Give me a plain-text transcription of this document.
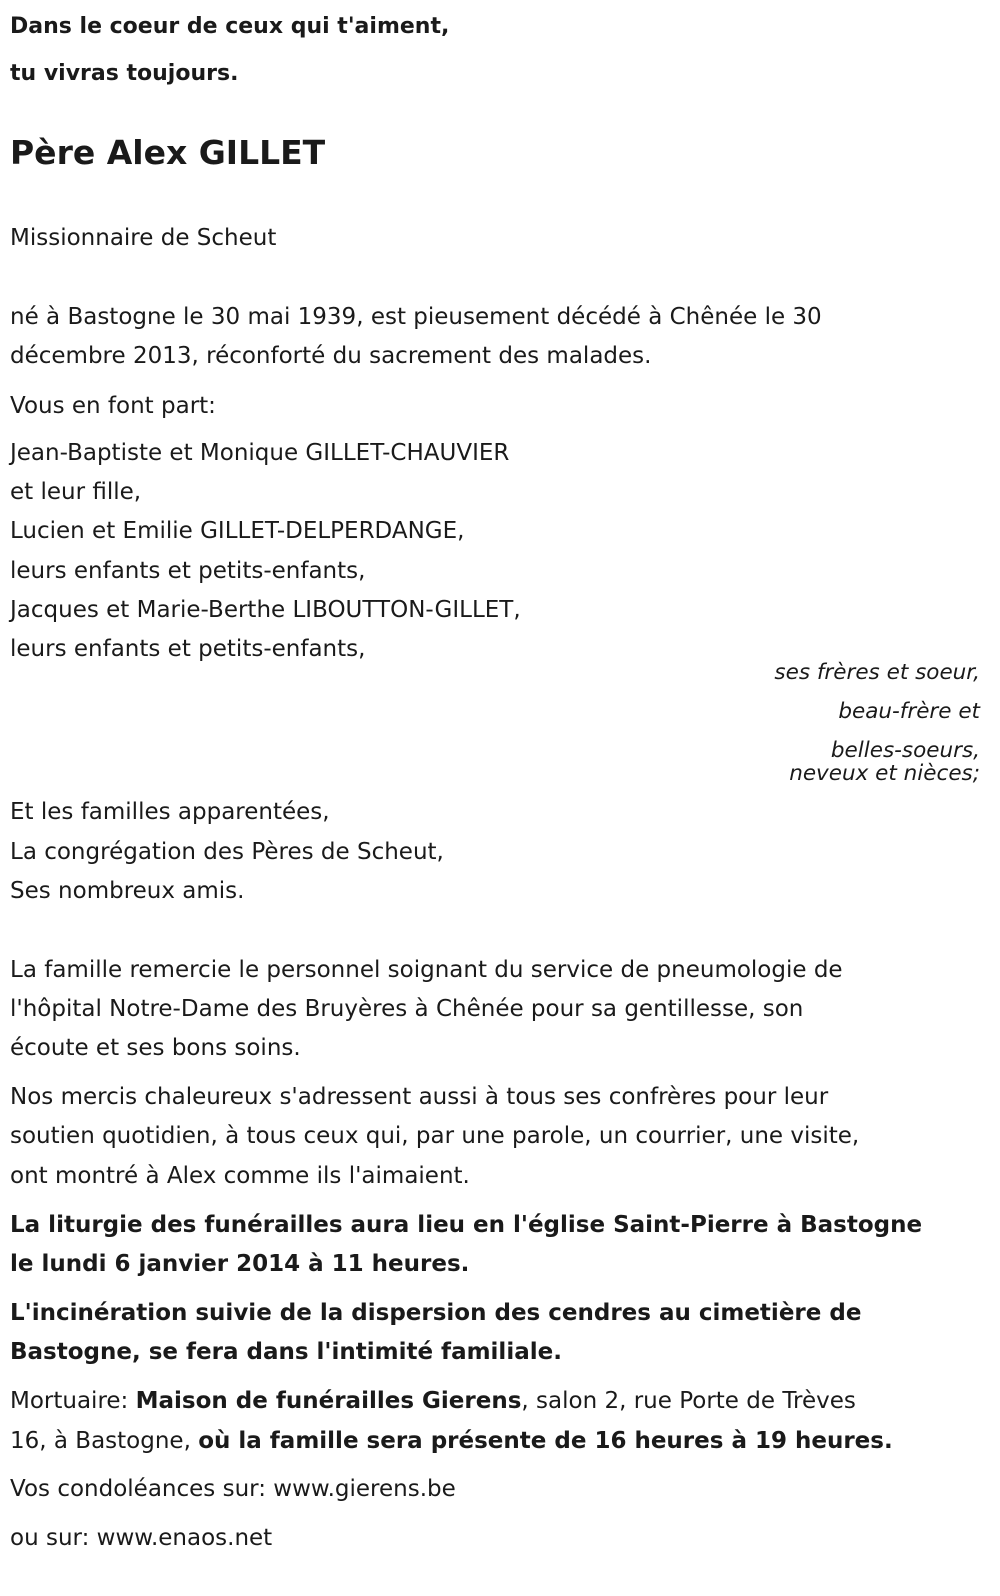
Dans le coeur de ceux qui t'aiment,
tu vivras toujours.
Père Alex GILLET
Missionnaire de Scheut
né à Bastogne le 30 mai 1939, est pieusement décédé à Chênée le 30
décembre 2013, réconforté du sacrement des malades.
Vous en font part:
Jean-Baptiste et Monique GILLET-CHAUVIER
et leur fille,
Lucien et Emilie GILLET-DELPERDANGE,
leurs enfants et petits-enfants,
Jacques et Marie-Berthe LIBOUTTON-GILLET,
leurs enfants et petits-enfants,
ses frères et soeur,
beau-frère et
belles-soeurs,
neveux et nièces;
Et les familles apparentées,
La congrégation des Pères de Scheut,
Ses nombreux amis.
La famille remercie le personnel soignant du service de pneumologie de
l'hôpital Notre-Dame des Bruyères à Chênée pour sa gentillesse, son
écoute et ses bons soins.
Nos mercis chaleureux s'adressent aussi à tous ses confrères pour leur
soutien quotidien, à tous ceux qui, par une parole, un courrier, une visite,
ont montré à Alex comme ils l'aimaient.
La liturgie des funérailles aura lieu en l'église Saint-Pierre à Bastogne
le lundi 6 janvier 2014 à 11 heures.
L'incinération suivie de la dispersion des cendres au cimetière de
Bastogne, se fera dans l'intimité familiale.
Mortuaire: Maison de funérailles Gierens, salon 2, rue Porte de Trèves
16, à Bastogne, où la famille sera présente de 16 heures à 19 heures.
Vos condoléances sur: www.gierens.be
ou sur: www.enaos.net
